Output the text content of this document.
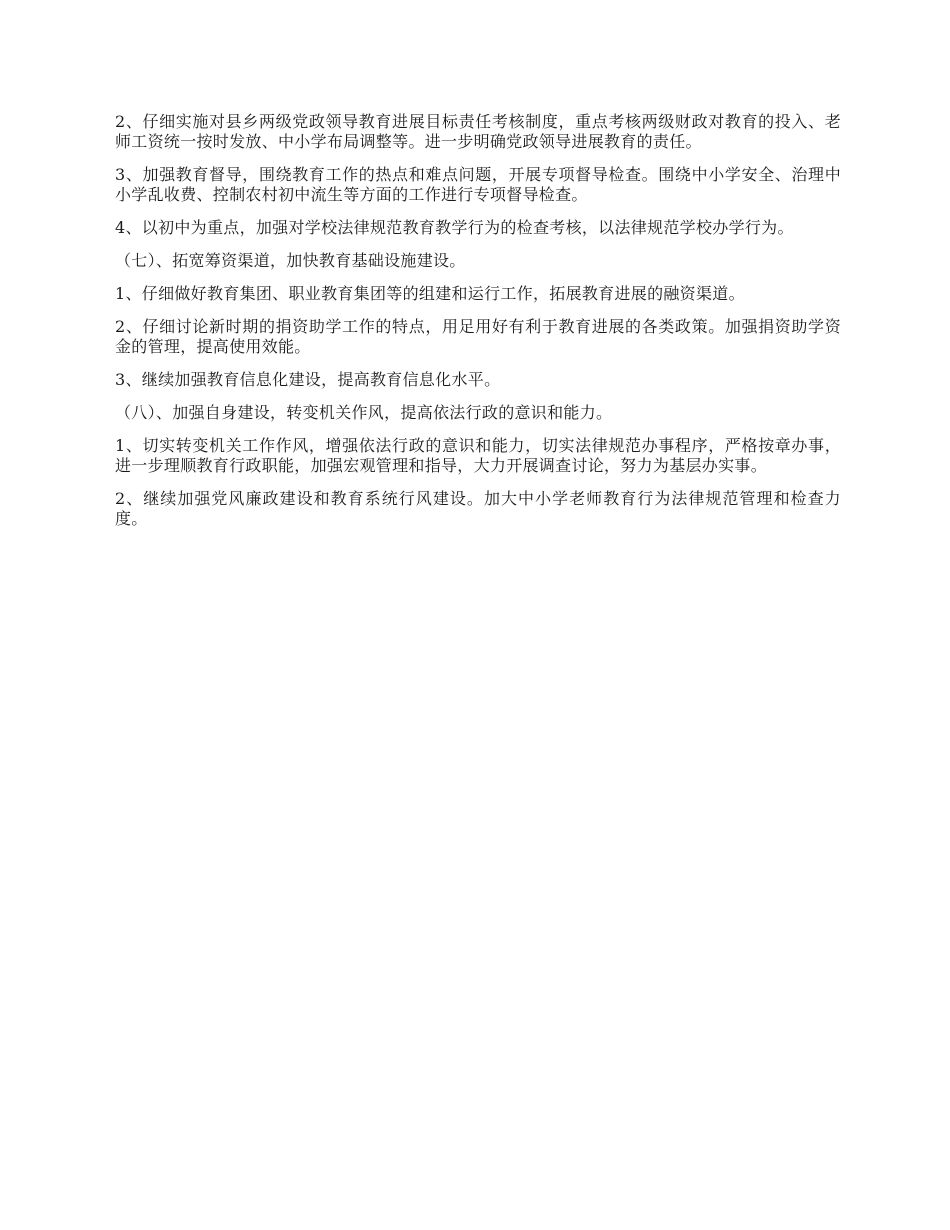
2、仔细实施对县乡两级党政领导教育进展目标责任考核制度，重点考核两级财政对教育的投入、老师工资统一按时发放、中小学布局调整等。进一步明确党政领导进展教育的责任。

3、加强教育督导，围绕教育工作的热点和难点问题，开展专项督导检查。围绕中小学安全、治理中小学乱收费、控制农村初中流生等方面的工作进行专项督导检查。

4、以初中为重点，加强对学校法律规范教育教学行为的检查考核，以法律规范学校办学行为。

（七）、拓宽筹资渠道，加快教育基础设施建设。

1、仔细做好教育集团、职业教育集团等的组建和运行工作，拓展教育进展的融资渠道。

2、仔细讨论新时期的捐资助学工作的特点，用足用好有利于教育进展的各类政策。加强捐资助学资金的管理，提高使用效能。

3、继续加强教育信息化建设，提高教育信息化水平。

（八）、加强自身建设，转变机关作风，提高依法行政的意识和能力。

1、切实转变机关工作作风，增强依法行政的意识和能力，切实法律规范办事程序，严格按章办事，进一步理顺教育行政职能，加强宏观管理和指导，大力开展调查讨论，努力为基层办实事。

2、继续加强党风廉政建设和教育系统行风建设。加大中小学老师教育行为法律规范管理和检查力度。
